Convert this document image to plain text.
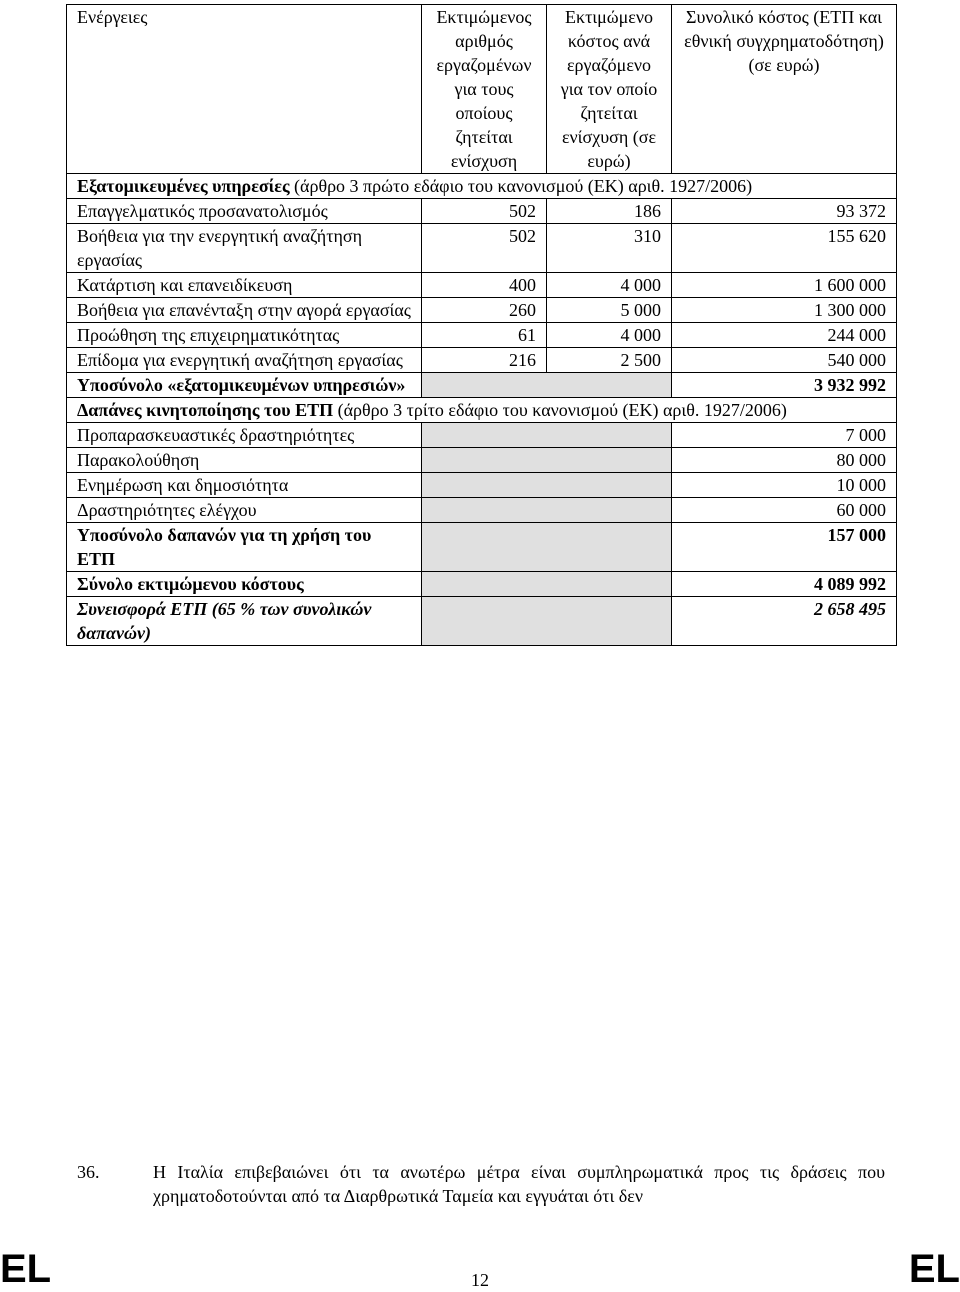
Ενέργειες	Εκτιμώμενος αριθμός εργαζομένων για τους οποίους ζητείται ενίσχυση	Εκτιμώμενο κόστος ανά εργαζόμενο για τον οποίο ζητείται ενίσχυση (σε ευρώ)	Συνολικό κόστος (ΕΤΠ και εθνική συγχρηματοδότηση) (σε ευρώ)
Εξατομικευμένες υπηρεσίες (άρθρο 3 πρώτο εδάφιο του κανονισμού (ΕΚ) αριθ. 1927/2006)			
Επαγγελματικός προσανατολισμός	502	186	93 372
Βοήθεια για την ενεργητική αναζήτηση εργασίας	502	310	155 620
Κατάρτιση και επανειδίκευση	400	4 000	1 600 000
Βοήθεια για επανένταξη στην αγορά εργασίας	260	5 000	1 300 000
Προώθηση της επιχειρηματικότητας	61	4 000	244 000
Επίδομα για ενεργητική αναζήτηση εργασίας	216	2 500	540 000
Υποσύνολο «εξατομικευμένων υπηρεσιών»			3 932 992
Δαπάνες κινητοποίησης του ΕΤΠ (άρθρο 3 τρίτο εδάφιο του κανονισμού (ΕΚ) αριθ. 1927/2006)			
Προπαρασκευαστικές δραστηριότητες			7 000
Παρακολούθηση			80 000
Ενημέρωση και δημοσιότητα			10 000
Δραστηριότητες ελέγχου			60 000
Υποσύνολο δαπανών για τη χρήση του ΕΤΠ			157 000
Σύνολο εκτιμώμενου κόστους			4 089 992
Συνεισφορά ΕΤΠ (65 % των συνολικών δαπανών)			2 658 495
36.	Η Ιταλία επιβεβαιώνει ότι τα ανωτέρω μέτρα είναι συμπληρωματικά προς τις δράσεις που χρηματοδοτούνται από τα Διαρθρωτικά Ταμεία και εγγυάται ότι δεν
EL	12	EL
